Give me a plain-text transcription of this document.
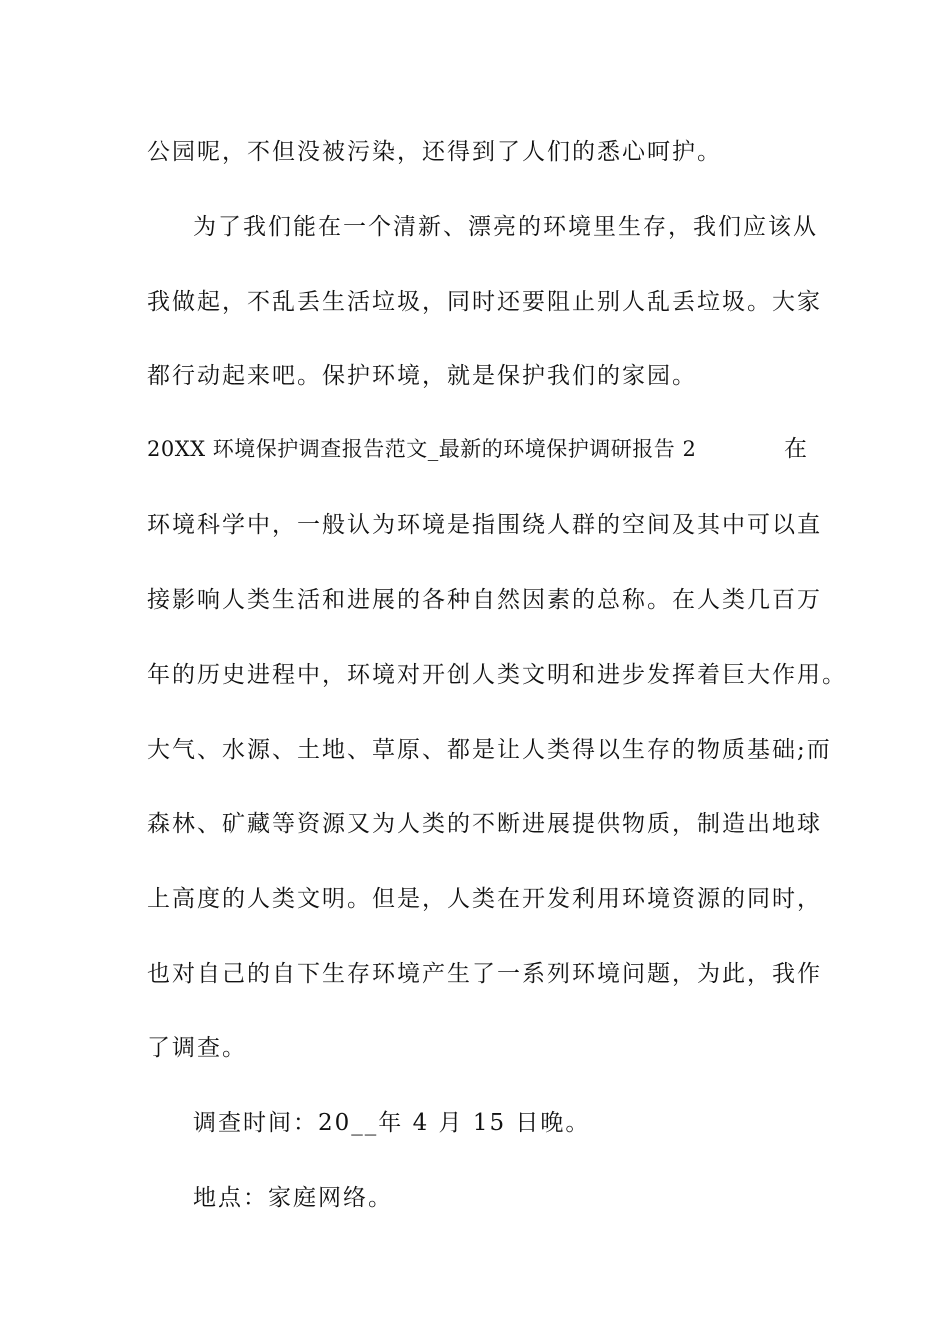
公园呢，不但没被污染，还得到了人们的悉心呵护。
为了我们能在一个清新、漂亮的环境里生存，我们应该从
我做起，不乱丢生活垃圾，同时还要阻止别人乱丢垃圾。大家
都行动起来吧。保护环境，就是保护我们的家园。
20XX 环境保护调查报告范文_最新的环境保护调研报告 2	在
环境科学中，一般认为环境是指围绕人群的空间及其中可以直
接影响人类生活和进展的各种自然因素的总称。在人类几百万
年的历史进程中，环境对开创人类文明和进步发挥着巨大作用。
大气、水源、土地、草原、都是让人类得以生存的物质基础;而
森林、矿藏等资源又为人类的不断进展提供物质，制造出地球
上高度的人类文明。但是，人类在开发利用环境资源的同时，
也对自己的自下生存环境产生了一系列环境问题，为此，我作
了调查。
调查时间：20__年 4 月 15 日晚。
地点：家庭网络。
